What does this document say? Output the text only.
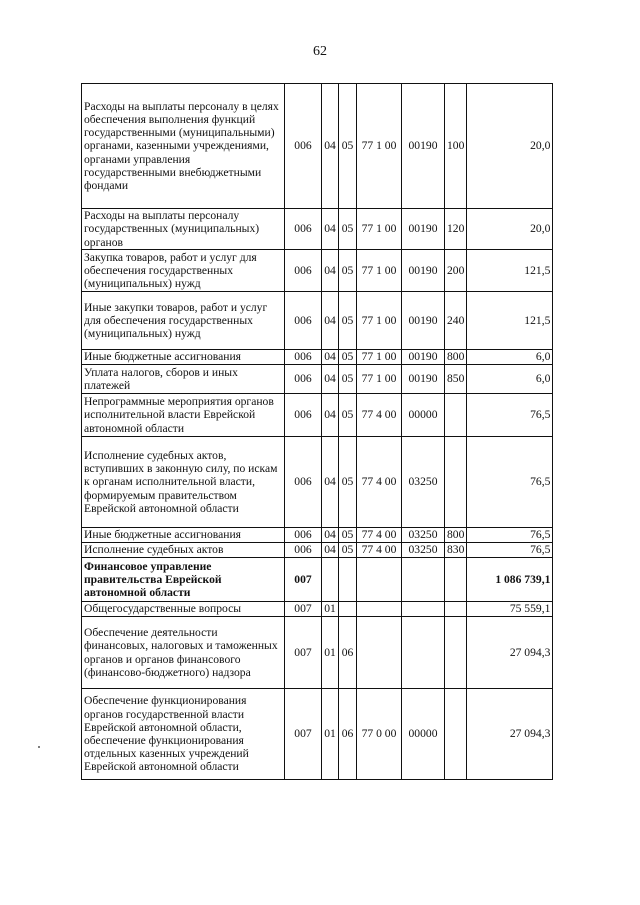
62
Расходы на выплаты персоналу в целях обеспечения выполнения функций государственными (муниципальными) органами, казенными учреждениями, органами управления государственными внебюджетными фондами	006	04	05	77 1 00	00190	100	20,0
Расходы на выплаты персоналу государственных (муниципальных) органов	006	04	05	77 1 00	00190	120	20,0
Закупка товаров, работ и услуг для обеспечения государственных (муниципальных) нужд	006	04	05	77 1 00	00190	200	121,5
Иные закупки товаров, работ и услуг для обеспечения государственных (муниципальных) нужд	006	04	05	77 1 00	00190	240	121,5
Иные бюджетные ассигнования	006	04	05	77 1 00	00190	800	6,0
Уплата налогов, сборов и иных платежей	006	04	05	77 1 00	00190	850	6,0
Непрограммные мероприятия органов исполнительной власти Еврейской автономной области	006	04	05	77 4 00	00000		76,5
Исполнение судебных актов, вступивших в законную силу, по искам к органам исполнительной власти, формируемым правительством Еврейской автономной области	006	04	05	77 4 00	03250		76,5
Иные бюджетные ассигнования	006	04	05	77 4 00	03250	800	76,5
Исполнение судебных актов	006	04	05	77 4 00	03250	830	76,5
Финансовое управление правительства Еврейской автономной области	007						1 086 739,1
Общегосударственные вопросы	007	01					75 559,1
Обеспечение деятельности финансовых, налоговых и таможенных органов и органов финансового (финансово-бюджетного) надзора	007	01	06				27 094,3
Обеспечение функционирования органов государственной власти Еврейской автономной области, обеспечение функционирования отдельных казенных учреждений Еврейской автономной области	007	01	06	77 0 00	00000		27 094,3
